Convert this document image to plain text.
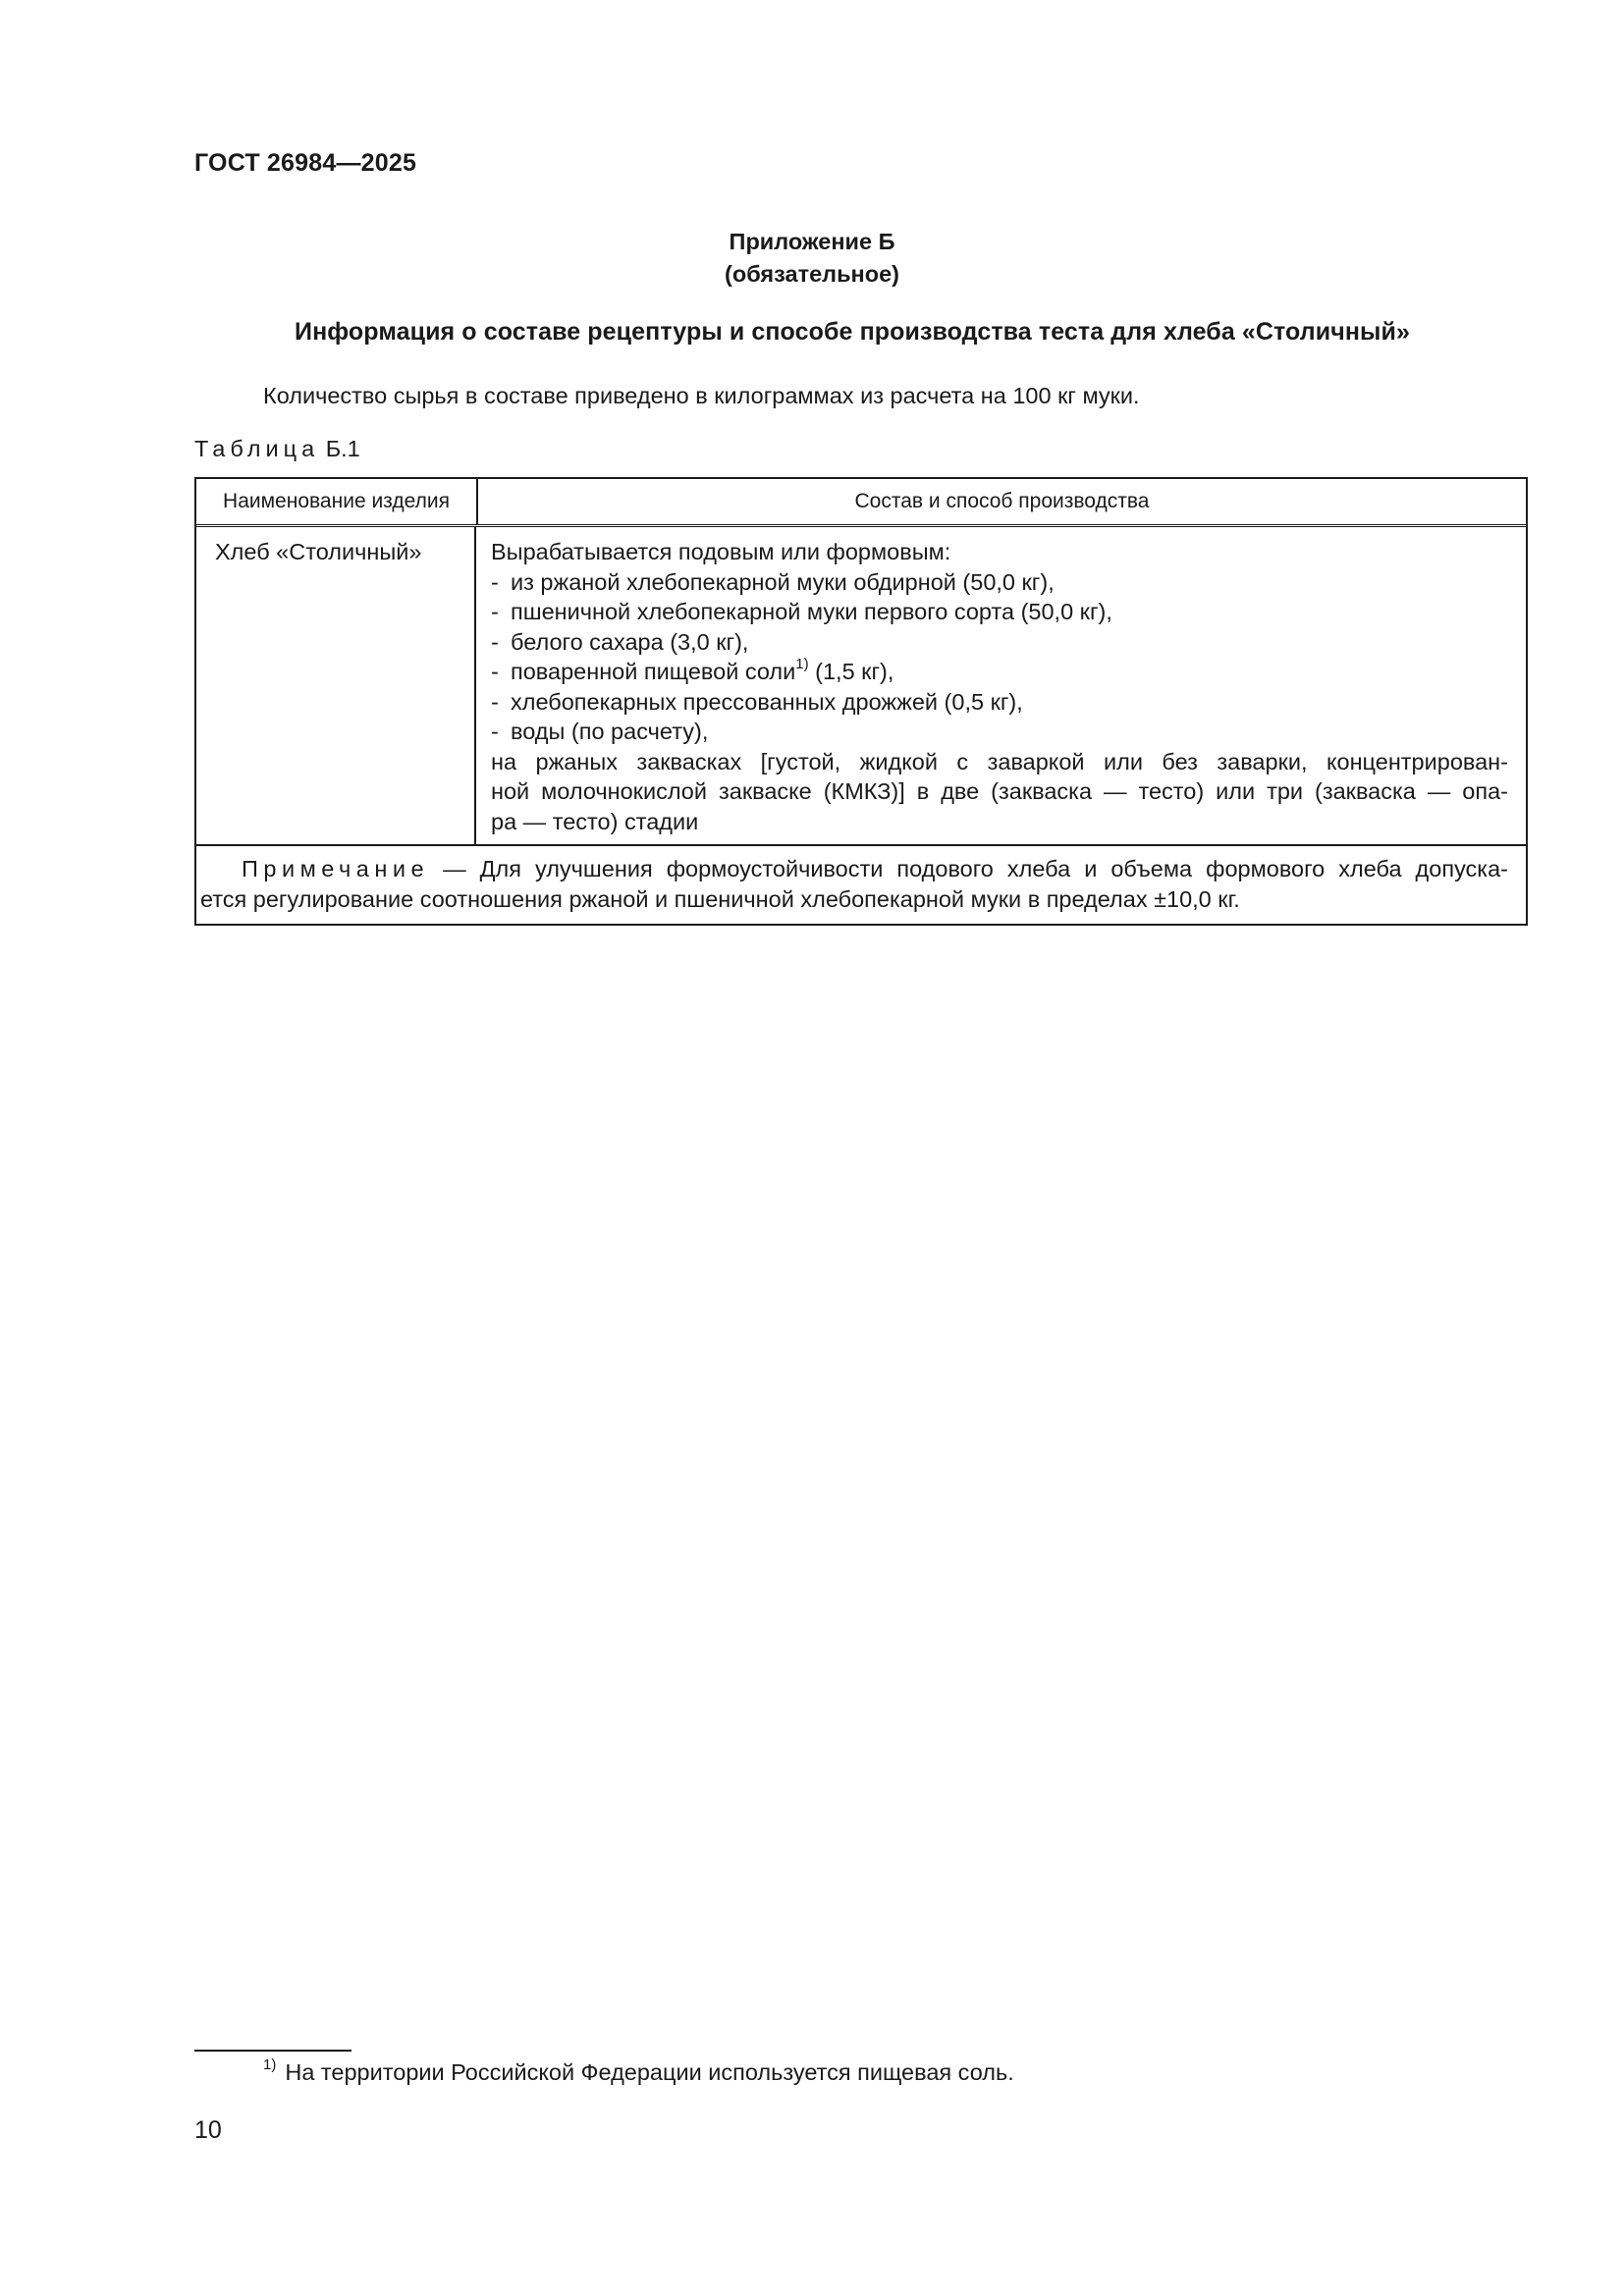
ГОСТ 26984—2025
Приложение Б
(обязательное)
Информация о составе рецептуры и способе производства теста для хлеба «Столичный»
Количество сырья в составе приведено в килограммах из расчета на 100 кг муки.
Таблица Б.1
Наименование изделия	Состав и способ производства
Хлеб «Столичный»	Вырабатывается подовым или формовым:
- из ржаной хлебопекарной муки обдирной (50,0 кг),
- пшеничной хлебопекарной муки первого сорта (50,0 кг),
- белого сахара (3,0 кг),
- поваренной пищевой соли$^{1)}$ (1,5 кг),
- хлебопекарных прессованных дрожжей (0,5 кг),
- воды (по расчету),
на ржаных заквасках [густой, жидкой с заваркой или без заварки, концентрирован-
ной молочнокислой закваске (КМКЗ)] в две (закваска — тесто) или три (закваска — опа-
ра — тесто) стадии
Примечание — Для улучшения формоустойчивости подового хлеба и объема формового хлеба допуска-
ется регулирование соотношения ржаной и пшеничной хлебопекарной муки в пределах ±10,0 кг.
$^{1)}$ На территории Российской Федерации используется пищевая соль.
10
